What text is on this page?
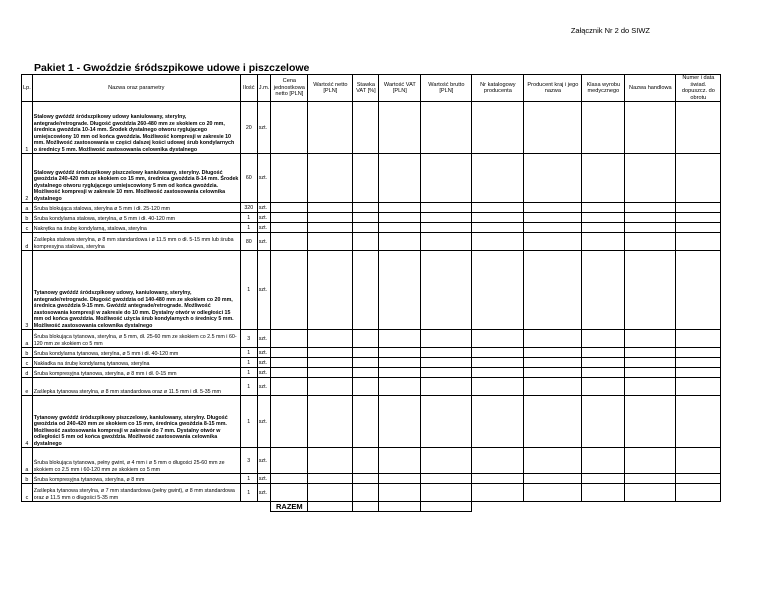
Załącznik Nr 2 do SIWZ
Pakiet 1 - Gwoździe śródszpikowe udowe i piszczelowe
Lp.	Nazwa oraz parametry	Ilość	J.m.	Cena jednostkowa netto [PLN]	Wartość netto [PLN]	Stawka VAT [%]	Wartość VAT [PLN]	Wartość brutto [PLN]	Nr katalogowy producenta	Producent kraj i jego nazwa	Klasa wyrobu medycznego	Nazwa handlowa	Numer i data świad. dopuszcz. do obrotu
1	Stalowy gwóźdź śródszpikowy udowy kaniulowany, sterylny, antegrade/retrograde. Długość gwoździa 260-480 mm ze skokiem co 20 mm, średnica gwoździa 10-14 mm. Środek dystalnego otworu ryglującego umiejscowiony 10 mm od końca gwoździa. Możliwość kompresji w zakresie 10 mm. Możliwość zastosowania w części dalszej kości udowej śrub kondylarnych o średnicy 5 mm. Możliwość zastosowania celownika dystalnego	20	szt.										
2	Stalowy gwóźdź śródszpikowy piszczelowy kaniulowany, sterylny. Długość gwoździa 240-420 mm ze skokiem co 15 mm, średnica gwoździa 8-14 mm. Środek dystalnego otworu ryglującego umiejscowiony 5 mm od końca gwoździa. Możliwość kompresji w zakresie 10 mm. Możliwość zastosowania celownika dystalnego	60	szt.										
a	Śruba blokująca stalowa, sterylna ø 5 mm i dł. 25-120 mm	320	szt.										
b	Śruba kondylarna stalowa, sterylna, ø 5 mm i dł. 40-120 mm	1	szt.										
c	Nakrętka na śrubę kondylarną, stalowa, sterylna	1	szt.										
d	Zaślepka stalowa sterylna, ø 8 mm standardowa i ø 11.5 mm o dł. 5-15 mm lub śruba kompresyjna stalowa, sterylna	80	szt.										
3	Tytanowy gwóźdź śródszpikowy udowy, kaniulowany, sterylny, antegrade/retrograde. Długość gwoździa od 140-480 mm ze skokiem co 20 mm, średnica gwoździa 9-15 mm. Gwóźdź antegrade/retrograde. Możliwość zastosowania kompresji w zakresie do 10 mm. Dystalny otwór w odległości 15 mm od końca gwoździa. Możliwość użycia śrub kondylarnych o średnicy 5 mm. Możliwość zastosowania celownika dystalnego	1	szt.										
a	Śruba blokująca tytanowa, sterylna, ø 5 mm, dł. 25-60 mm ze skokiem co 2.5 mm i 60-120 mm ze skokiem co 5 mm	3	szt.										
b	Śruba kondylarna tytanowa, sterylna, ø 5 mm i dł. 40-120 mm	1	szt.										
c	Nakładka na śrubę kondylarną tytanowa, sterylna	1	szt.										
d	Śruba kompresyjna tytanowa, sterylna, ø 8 mm i dł. 0-15 mm	1	szt.										
e	Zaślepka tytanowa sterylna, ø 8 mm standardowa oraz ø 11.5 mm i dł. 5-35 mm	1	szt.										
4	Tytanowy gwóźdź śródszpikowy piszczelowy, kaniulowany, sterylny. Długość gwoździa od 240-420 mm ze skokiem co 15 mm, średnica gwoździa 8-15 mm. Możliwość zastosowania kompresji w zakresie do 7 mm. Dystalny otwór w odległości 5 mm od końca gwoździa. Możliwość zastosowania celownika dystalnego	1	szt.										
a	Śruba blokująca tytanowa, pełny gwint, ø 4 mm i ø 5 mm o długości 25-60 mm ze skokiem co 2.5 mm i 60-120 mm ze skokiem co 5 mm	3	szt.										
b	Śruba kompresyjna tytanowa, sterylna, ø 8 mm	1	szt.										
c	Zaślepka tytanowa sterylna, ø 7 mm standardowa (pełny gwint), ø 8 mm standardowa oraz ø 11.5 mm o długości 5-35 mm	1	szt.										
				RAZEM									
